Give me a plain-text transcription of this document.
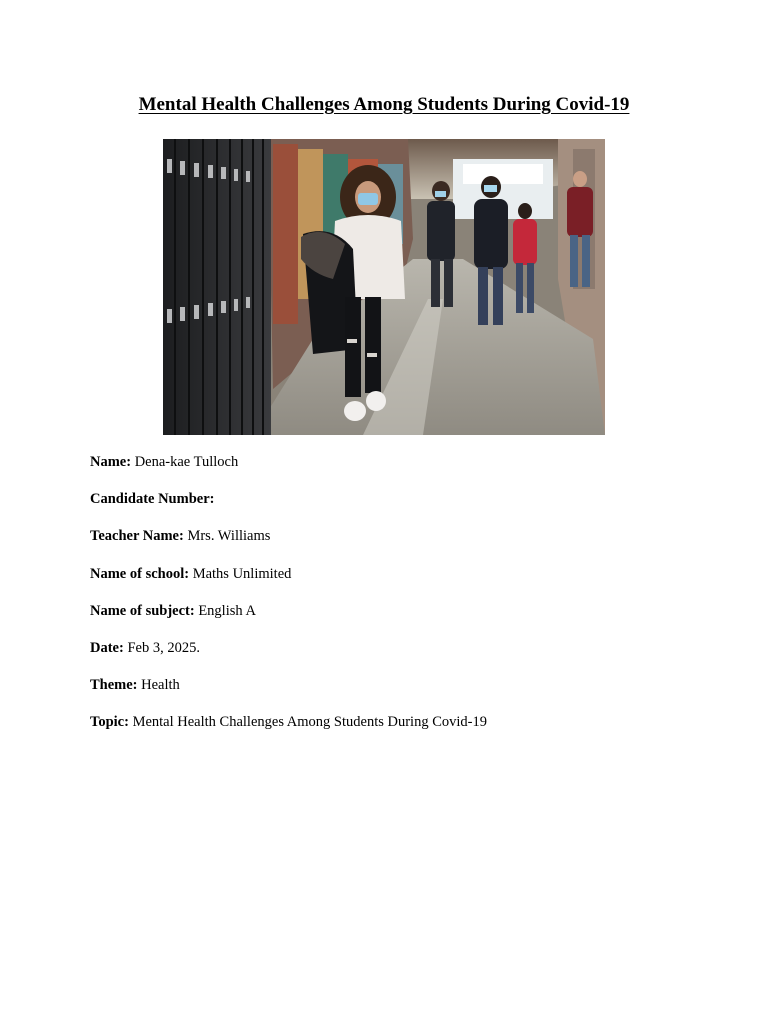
Mental Health Challenges Among Students During Covid-19
Name: Dena-kae Tulloch
Candidate Number:
Teacher Name: Mrs. Williams
Name of school: Maths Unlimited
Name of subject: English A
Date: Feb 3, 2025.
Theme: Health
Topic: Mental Health Challenges Among Students During Covid-19
